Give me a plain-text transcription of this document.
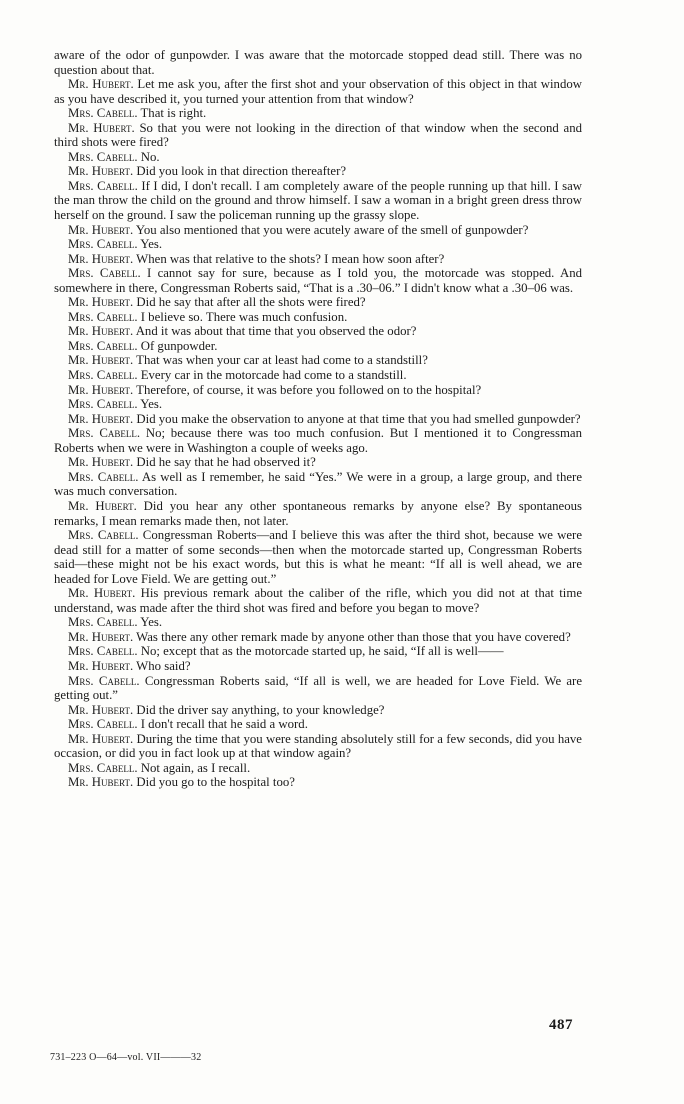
aware of the odor of gunpowder. I was aware that the motorcade stopped dead still. There was no question about that.

Mr. Hubert. Let me ask you, after the first shot and your observation of this object in that window as you have described it, you turned your attention from that window?

Mrs. Cabell. That is right.

Mr. Hubert. So that you were not looking in the direction of that window when the second and third shots were fired?

Mrs. Cabell. No.

Mr. Hubert. Did you look in that direction thereafter?

Mrs. Cabell. If I did, I don't recall. I am completely aware of the people running up that hill. I saw the man throw the child on the ground and throw himself. I saw a woman in a bright green dress throw herself on the ground. I saw the policeman running up the grassy slope.

Mr. Hubert. You also mentioned that you were acutely aware of the smell of gunpowder?

Mrs. Cabell. Yes.

Mr. Hubert. When was that relative to the shots? I mean how soon after?

Mrs. Cabell. I cannot say for sure, because as I told you, the motorcade was stopped. And somewhere in there, Congressman Roberts said, “That is a .30–06.” I didn't know what a .30–06 was.

Mr. Hubert. Did he say that after all the shots were fired?

Mrs. Cabell. I believe so. There was much confusion.

Mr. Hubert. And it was about that time that you observed the odor?

Mrs. Cabell. Of gunpowder.

Mr. Hubert. That was when your car at least had come to a standstill?

Mrs. Cabell. Every car in the motorcade had come to a standstill.

Mr. Hubert. Therefore, of course, it was before you followed on to the hospital?

Mrs. Cabell. Yes.

Mr. Hubert. Did you make the observation to anyone at that time that you had smelled gunpowder?

Mrs. Cabell. No; because there was too much confusion. But I mentioned it to Congressman Roberts when we were in Washington a couple of weeks ago.

Mr. Hubert. Did he say that he had observed it?

Mrs. Cabell. As well as I remember, he said “Yes.” We were in a group, a large group, and there was much conversation.

Mr. Hubert. Did you hear any other spontaneous remarks by anyone else? By spontaneous remarks, I mean remarks made then, not later.

Mrs. Cabell. Congressman Roberts—and I believe this was after the third shot, because we were dead still for a matter of some seconds—then when the motorcade started up, Congressman Roberts said—these might not be his exact words, but this is what he meant: “If all is well ahead, we are headed for Love Field. We are getting out.”

Mr. Hubert. His previous remark about the caliber of the rifle, which you did not at that time understand, was made after the third shot was fired and before you began to move?

Mrs. Cabell. Yes.

Mr. Hubert. Was there any other remark made by anyone other than those that you have covered?

Mrs. Cabell. No; except that as the motorcade started up, he said, “If all is well——

Mr. Hubert. Who said?

Mrs. Cabell. Congressman Roberts said, “If all is well, we are headed for Love Field. We are getting out.”

Mr. Hubert. Did the driver say anything, to your knowledge?

Mrs. Cabell. I don't recall that he said a word.

Mr. Hubert. During the time that you were standing absolutely still for a few seconds, did you have occasion, or did you in fact look up at that window again?

Mrs. Cabell. Not again, as I recall.

Mr. Hubert. Did you go to the hospital too?

487
731–223 O—64—vol. VII———32
